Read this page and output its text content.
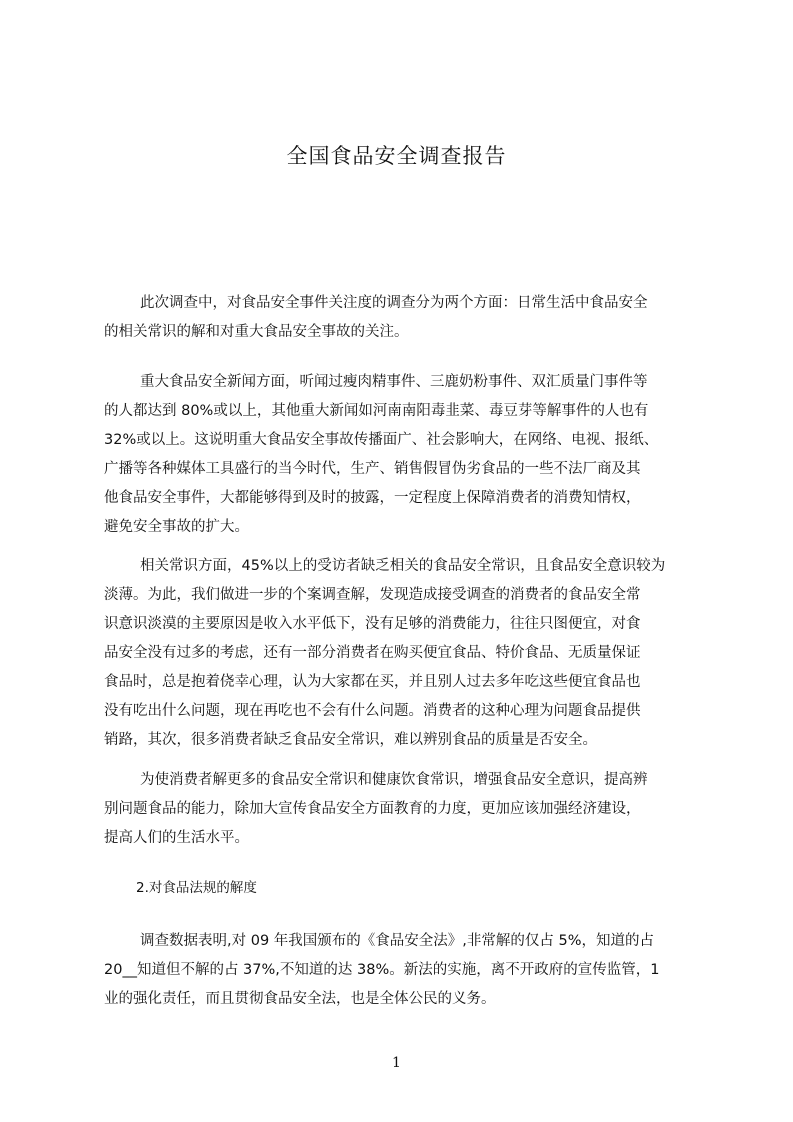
全国食品安全调查报告
此次调查中，对食品安全事件关注度的调查分为两个方面：日常生活中食品安全
的相关常识的解和对重大食品安全事故的关注。
重大食品安全新闻方面，听闻过瘦肉精事件、三鹿奶粉事件、双汇质量门事件等
的人都达到 80%或以上，其他重大新闻如河南南阳毒韭菜、毒豆芽等解事件的人也有
32%或以上。这说明重大食品安全事故传播面广、社会影响大，在网络、电视、报纸、
广播等各种媒体工具盛行的当今时代，生产、销售假冒伪劣食品的一些不法厂商及其
他食品安全事件，大都能够得到及时的披露，一定程度上保障消费者的消费知情权，
避免安全事故的扩大。
相关常识方面，45%以上的受访者缺乏相关的食品安全常识，且食品安全意识较为
淡薄。为此，我们做进一步的个案调查解，发现造成接受调查的消费者的食品安全常
识意识淡漠的主要原因是收入水平低下，没有足够的消费能力，往往只图便宜，对食
品安全没有过多的考虑，还有一部分消费者在购买便宜食品、特价食品、无质量保证
食品时，总是抱着侥幸心理，认为大家都在买，并且别人过去多年吃这些便宜食品也
没有吃出什么问题，现在再吃也不会有什么问题。消费者的这种心理为问题食品提供
销路，其次，很多消费者缺乏食品安全常识，难以辨别食品的质量是否安全。
为使消费者解更多的食品安全常识和健康饮食常识，增强食品安全意识，提高辨
别问题食品的能力，除加大宣传食品安全方面教育的力度，更加应该加强经济建设，
提高人们的生活水平。
2.对食品法规的解度
调查数据表明,对 09 年我国颁布的《食品安全法》,非常解的仅占 5%，知道的占
20__知道但不解的占 37%,不知道的达 38%。新法的实施，离不开政府的宣传监管，1
业的强化责任，而且贯彻食品安全法，也是全体公民的义务。
1
